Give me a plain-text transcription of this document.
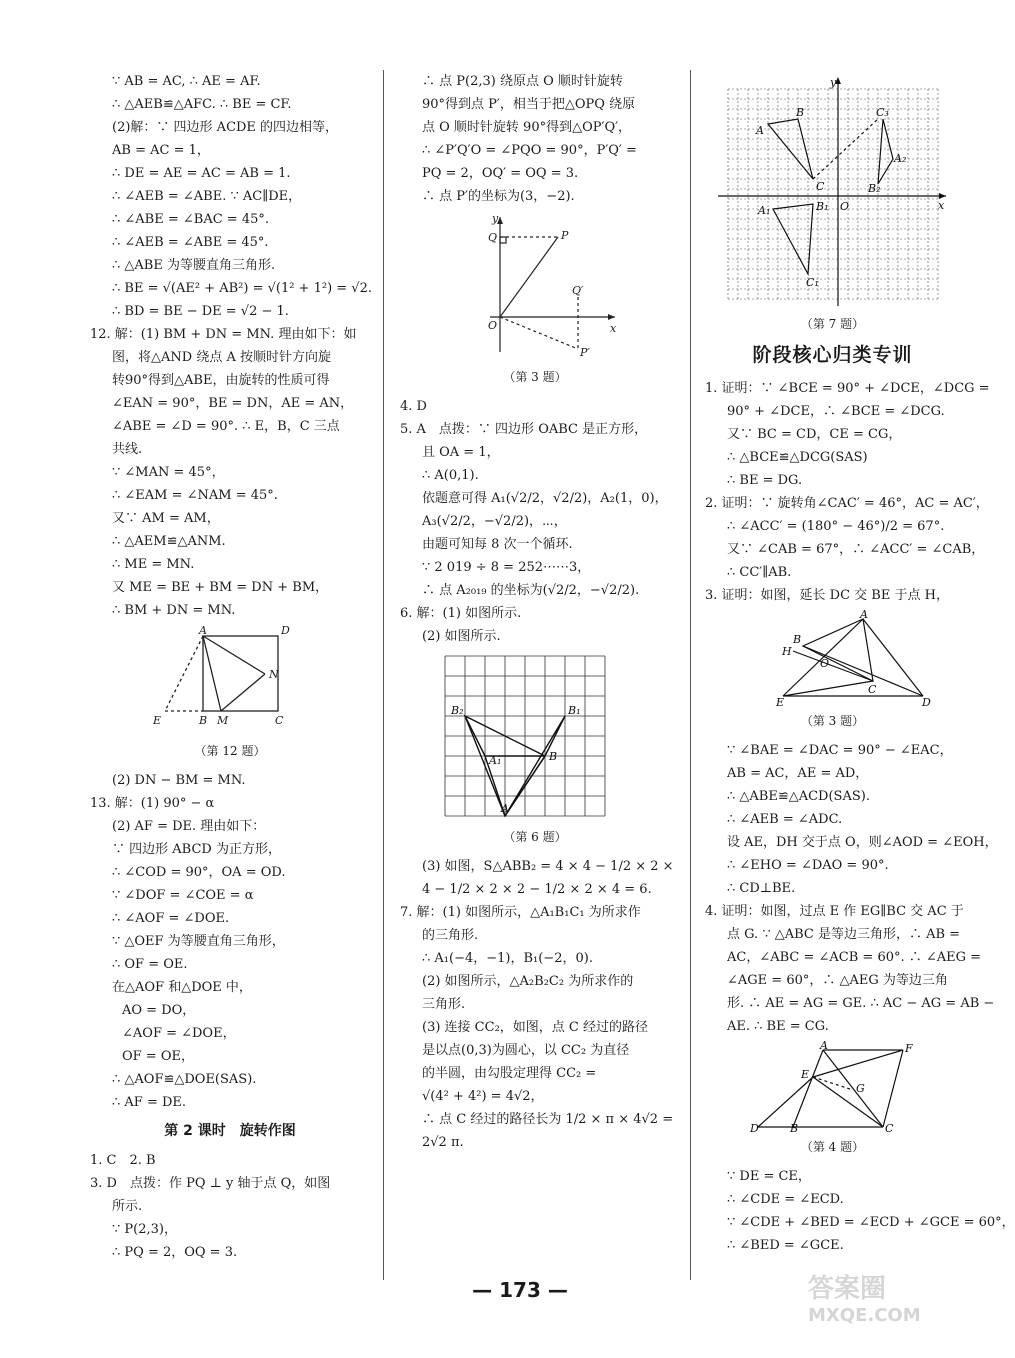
∵ AB = AC, ∴ AE = AF.
∴ △AEB≌△AFC. ∴ BE = CF.
(2)解：∵ 四边形 ACDE 的四边相等，
AB = AC = 1，
∴ DE = AE = AC = AB = 1.
∴ ∠AEB = ∠ABE. ∵ AC∥DE，
∴ ∠ABE = ∠BAC = 45°.
∴ ∠AEB = ∠ABE = 45°.
∴ △ABE 为等腰直角三角形.
∴ BE = √(AE² + AB²) = √(1² + 1²) = √2.
∴ BD = BE − DE = √2 − 1.
12. 解：(1) BM + DN = MN. 理由如下：如
图，将△AND 绕点 A 按顺时针方向旋
转90°得到△ABE，由旋转的性质可得
∠EAN = 90°，BE = DN，AE = AN，
∠ABE = ∠D = 90°. ∴ E，B，C 三点
共线.
∵ ∠MAN = 45°，
∴ ∠EAM = ∠NAM = 45°.
又∵ AM = AM，
∴ △AEM≌△ANM.
∴ ME = MN.
又 ME = BE + BM = DN + BM，
∴ BM + DN = MN.
A	D
N
E	B M	C
（第 12 题）
(2) DN − BM = MN.
13. 解：(1) 90° − α
(2) AF = DE. 理由如下：
∵ 四边形 ABCD 为正方形，
∴ ∠COD = 90°，OA = OD.
∵ ∠DOF = ∠COE = α
∴ ∠AOF = ∠DOE.
∵ △OEF 为等腰直角三角形，
∴ OF = OE.
在△AOF 和△DOE 中，
AO = DO，
∠AOF = ∠DOE，
OF = OE，
∴ △AOF≌△DOE(SAS).
∴ AF = DE.
第 2 课时　旋转作图
1. C　2. B
3. D　点拨：作 PQ ⊥ y 轴于点 Q，如图
所示.
∵ P(2,3)，
∴ PQ = 2，OQ = 3.
∴ 点 P(2,3) 绕原点 O 顺时针旋转
90°得到点 P′，相当于把△OPQ 绕原
点 O 顺时针旋转 90°得到△OP′Q′，
∴ ∠P′Q′O = ∠PQO = 90°，P′Q′ =
PQ = 2，OQ′ = OQ = 3.
∴ 点 P′的坐标为(3，−2).
y
x
O
Q	P
Q′
P′
（第 3 题）
4. D
5. A　点拨：∵ 四边形 OABC 是正方形，
且 OA = 1，
∴ A(0,1).
依题意可得 A₁(√2/2，√2/2)，A₂(1，0)，
A₃(√2/2，−√2/2)，⋯，
由题可知每 8 次一个循环.
∵ 2 019 ÷ 8 = 252⋯⋯3，
∴ 点 A₂₀₁₉ 的坐标为(√2/2，−√2/2).
6. 解：(1) 如图所示.
(2) 如图所示.
B₂	B₁
B
A₁
A
（第 6 题）
(3) 如图，S△ABB₂ = 4 × 4 − 1/2 × 2 ×
4 − 1/2 × 2 × 2 − 1/2 × 2 × 4 = 6.
7. 解：(1) 如图所示，△A₁B₁C₁ 为所求作
的三角形.
∴ A₁(−4，−1)，B₁(−2，0).
(2) 如图所示，△A₂B₂C₂ 为所求作的
三角形.
(3) 连接 CC₂，如图，点 C 经过的路径
是以点(0,3)为圆心，以 CC₂ 为直径
的半圆，由勾股定理得 CC₂ =
√(4² + 4²) = 4√2，
∴ 点 C 经过的路径长为 1/2 × π × 4√2 =
2√2 π.
y
x
A
B	C₃
A₂
C	B₂
B₁ O
A₁
C₁
（第 7 题）
阶段核心归类专训
1. 证明：∵ ∠BCE = 90° + ∠DCE，∠DCG =
90° + ∠DCE，∴ ∠BCE = ∠DCG.
又∵ BC = CD，CE = CG，
∴ △BCE≌△DCG(SAS)
∴ BE = DG.
2. 证明：∵ 旋转角∠CAC′ = 46°，AC = AC′，
∴ ∠ACC′ = (180° − 46°)/2 = 67°.
又∵ ∠CAB = 67°，∴ ∠ACC′ = ∠CAB，
∴ CC′∥AB.
3. 证明：如图，延长 DC 交 BE 于点 H，
A
B
H
O
C
E	D
（第 3 题）
∵ ∠BAE = ∠DAC = 90° − ∠EAC，
AB = AC，AE = AD，
∴ △ABE≌△ACD(SAS).
∴ ∠AEB = ∠ADC.
设 AE，DH 交于点 O，则∠AOD = ∠EOH，
∴ ∠EHO = ∠DAO = 90°.
∴ CD⊥BE.
4. 证明：如图，过点 E 作 EG∥BC 交 AC 于
点 G. ∵ △ABC 是等边三角形，∴ AB =
AC，∠ABC = ∠ACB = 60°. ∴ ∠AEG =
∠AGE = 60°，∴ △AEG 为等边三角
形. ∴ AE = AG = GE. ∴ AC − AG = AB −
AE. ∴ BE = CG.
A	F
E
G
D	B	C
（第 4 题）
∵ DE = CE，
∴ ∠CDE = ∠ECD.
∵ ∠CDE + ∠BED = ∠ECD + ∠GCE = 60°，
∴ ∠BED = ∠GCE.
— 173 —	答案圈
MXQE.COM
